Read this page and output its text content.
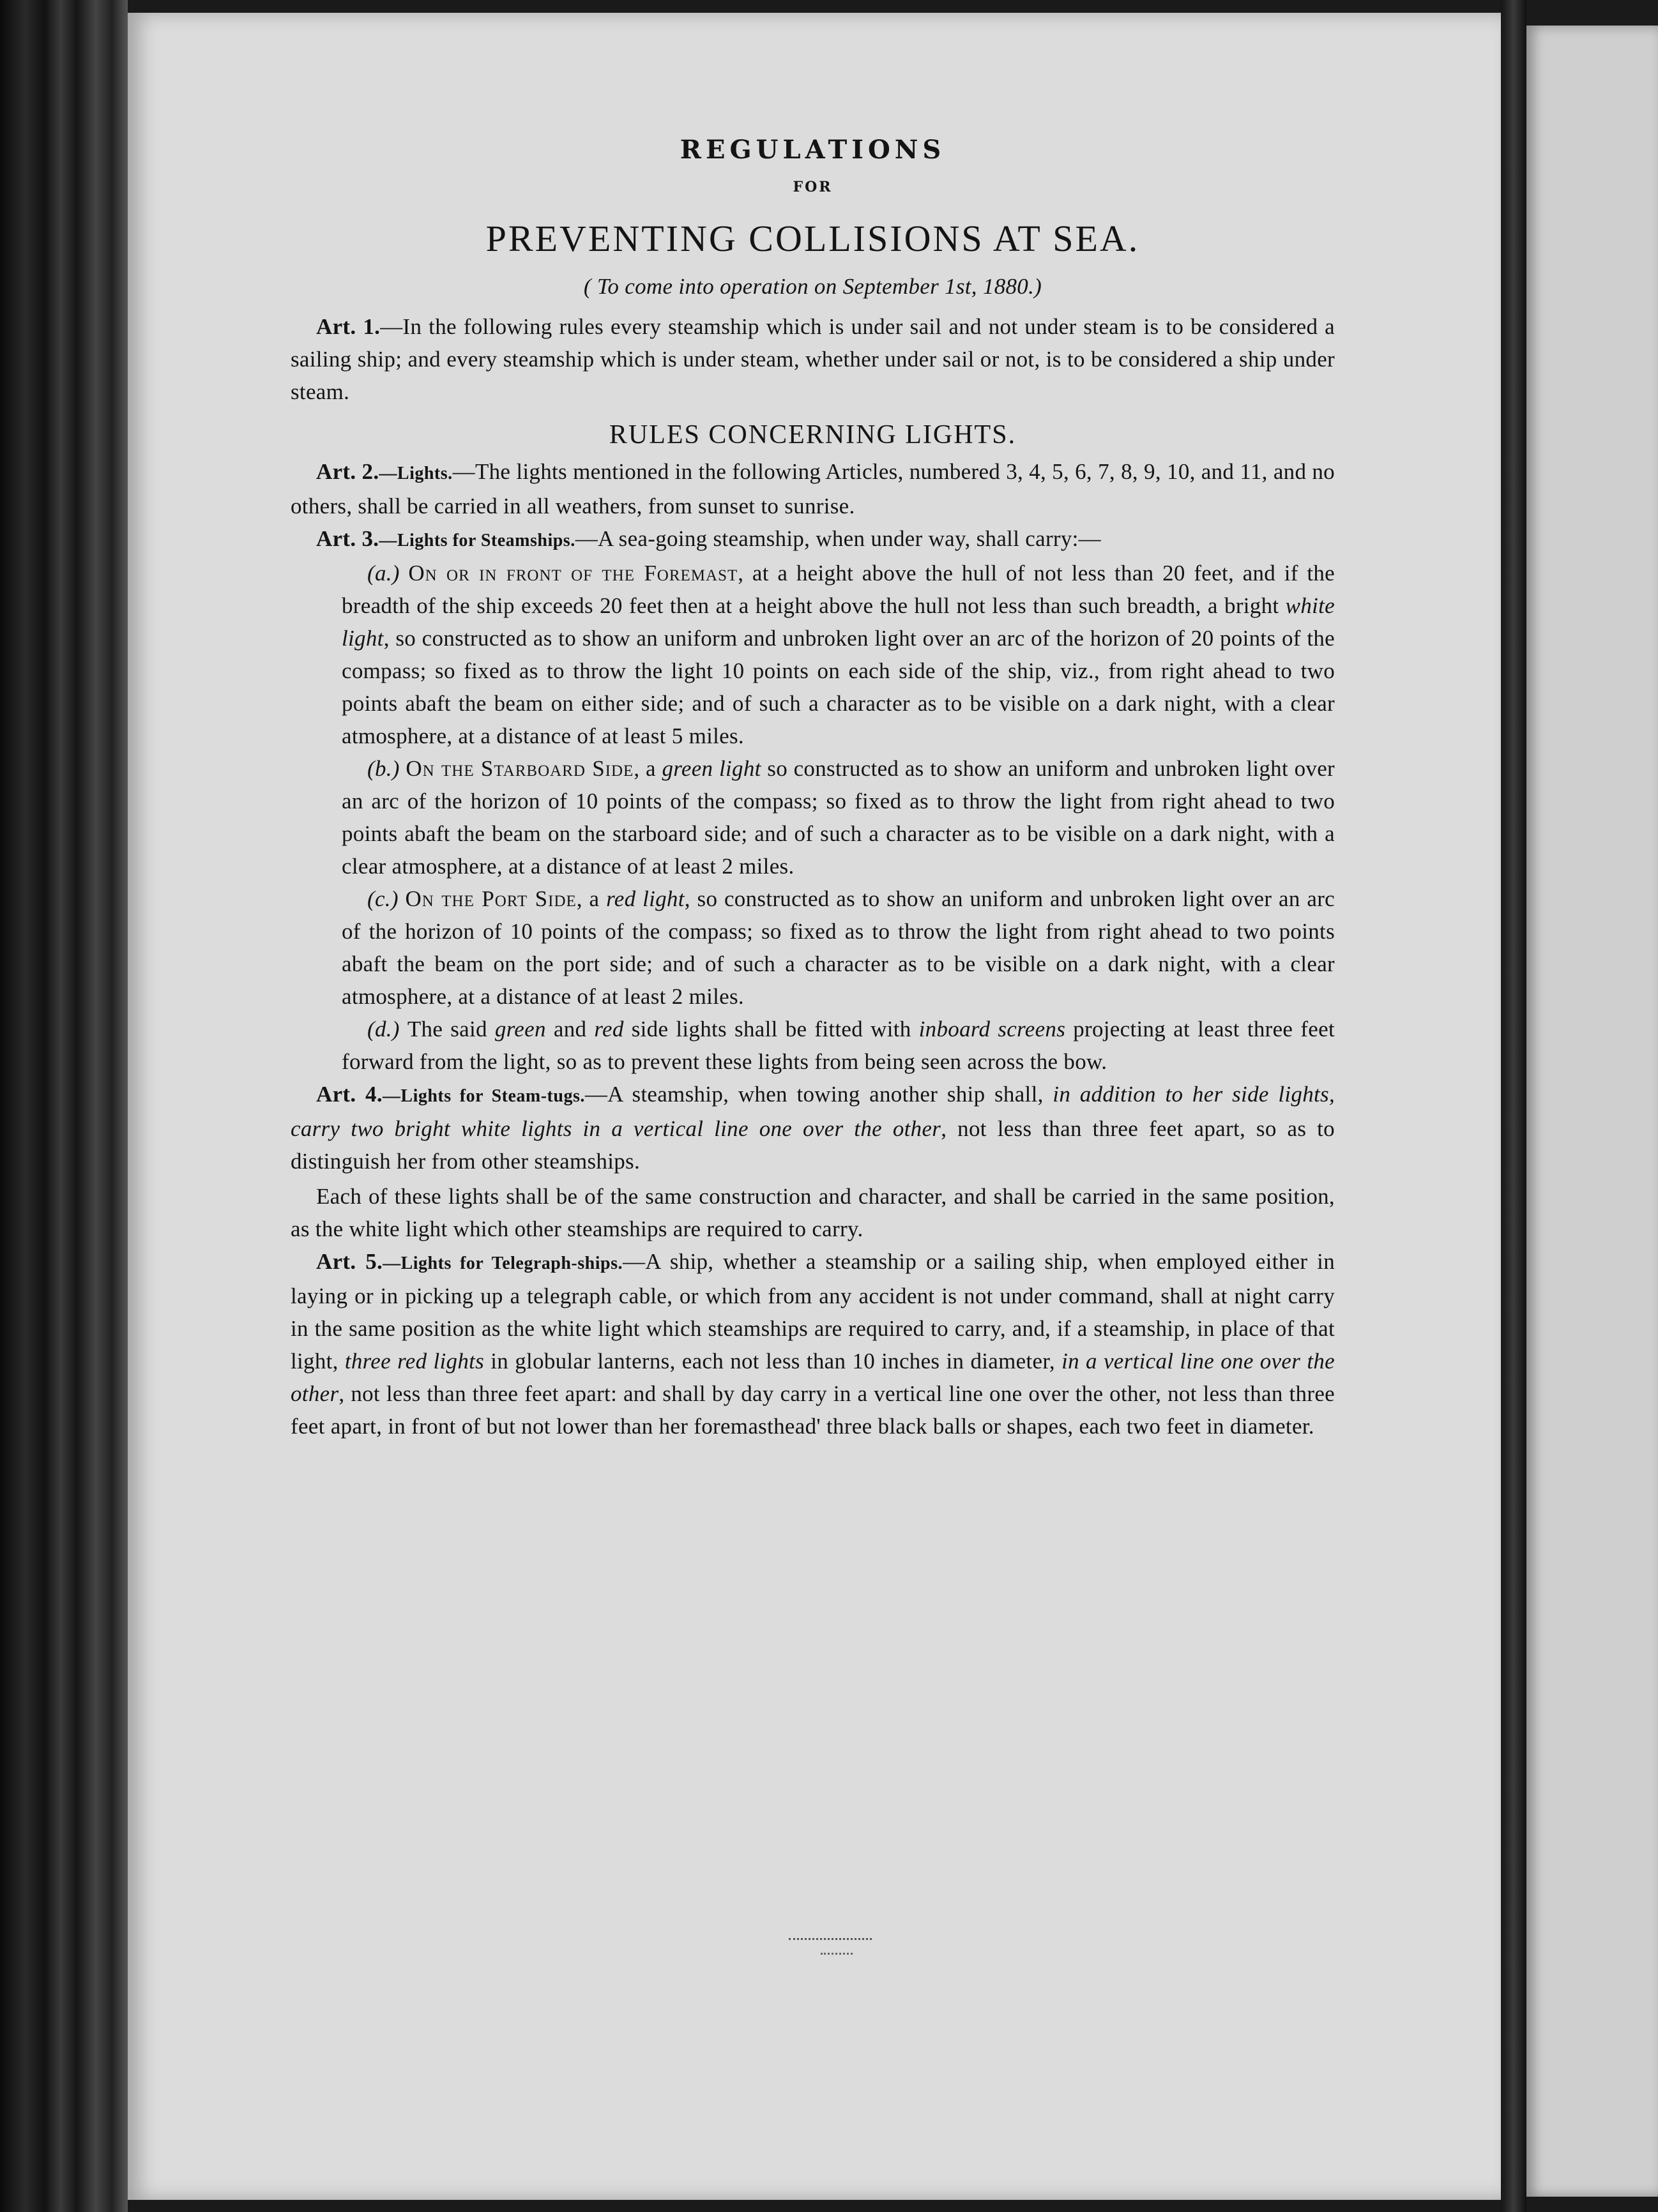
REGULATIONS
FOR
PREVENTING COLLISIONS AT SEA.
( To come into operation on September 1st, 1880.)

Art. 1.—In the following rules every steamship which is under sail and not under steam is to be considered a sailing ship; and every steamship which is under steam, whether under sail or not, is to be considered a ship under steam.

RULES CONCERNING LIGHTS.

Art. 2.—Lights.—The lights mentioned in the following Articles, numbered 3, 4, 5, 6, 7, 8, 9, 10, and 11, and no others, shall be carried in all weathers, from sunset to sunrise.

Art. 3.—Lights for Steamships.—A sea-going steamship, when under way, shall carry:—

(a.) On or in front of the Foremast, at a height above the hull of not less than 20 feet, and if the breadth of the ship exceeds 20 feet then at a height above the hull not less than such breadth, a bright white light, so constructed as to show an uniform and unbroken light over an arc of the horizon of 20 points of the compass; so fixed as to throw the light 10 points on each side of the ship, viz., from right ahead to two points abaft the beam on either side; and of such a character as to be visible on a dark night, with a clear atmosphere, at a distance of at least 5 miles.

(b.) On the Starboard Side, a green light so constructed as to show an uniform and unbroken light over an arc of the horizon of 10 points of the compass; so fixed as to throw the light from right ahead to two points abaft the beam on the starboard side; and of such a character as to be visible on a dark night, with a clear atmosphere, at a distance of at least 2 miles.

(c.) On the Port Side, a red light, so constructed as to show an uniform and unbroken light over an arc of the horizon of 10 points of the compass; so fixed as to throw the light from right ahead to two points abaft the beam on the port side; and of such a character as to be visible on a dark night, with a clear atmosphere, at a distance of at least 2 miles.

(d.) The said green and red side lights shall be fitted with inboard screens projecting at least three feet forward from the light, so as to prevent these lights from being seen across the bow.

Art. 4.—Lights for Steam-tugs.—A steamship, when towing another ship shall, in addition to her side lights, carry two bright white lights in a vertical line one over the other, not less than three feet apart, so as to distinguish her from other steamships.

Each of these lights shall be of the same construction and character, and shall be carried in the same position, as the white light which other steamships are required to carry.

Art. 5.—Lights for Telegraph-ships.—A ship, whether a steamship or a sailing ship, when employed either in laying or in picking up a telegraph cable, or which from any accident is not under command, shall at night carry in the same position as the white light which steamships are required to carry, and, if a steamship, in place of that light, three red lights in globular lanterns, each not less than 10 inches in diameter, in a vertical line one over the other, not less than three feet apart: and shall by day carry in a vertical line one over the other, not less than three feet apart, in front of but not lower than her foremasthead' three black balls or shapes, each two feet in diameter.
